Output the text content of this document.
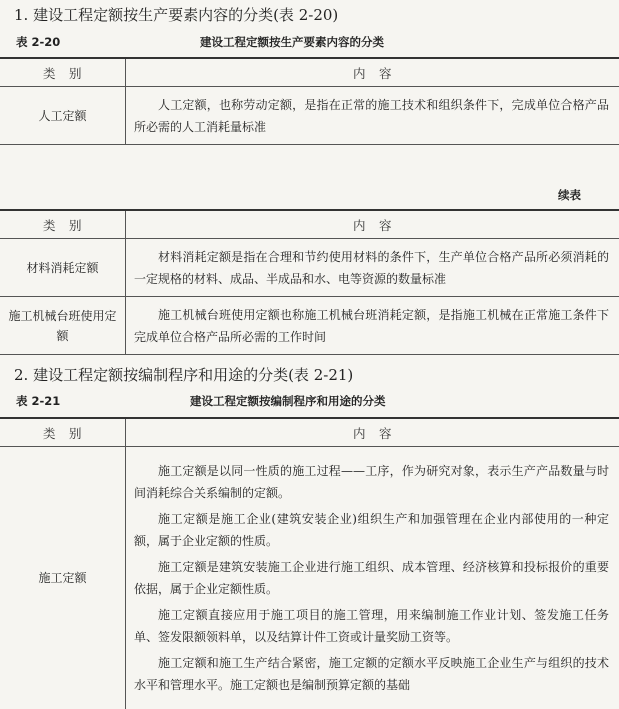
1. 建设工程定额按生产要素内容的分类(表 2-20)
表 2-20	建设工程定额按生产要素内容的分类
类　别	内　容
人工定额	人工定额，也称劳动定额，是指在正常的施工技术和组织条件下，完成单位合格产品所必需的人工消耗量标准

续表
类　别	内　容
材料消耗定额	材料消耗定额是指在合理和节约使用材料的条件下，生产单位合格产品所必须消耗的一定规格的材料、成品、半成品和水、电等资源的数量标准

施工机械台班使用定额	施工机械台班使用定额也称施工机械台班消耗定额，是指施工机械在正常施工条件下完成单位合格产品所必需的工作时间

2. 建设工程定额按编制程序和用途的分类(表 2-21)
表 2-21	建设工程定额按编制程序和用途的分类
类　别	内　容
施工定额	施工定额是以同一性质的施工过程——工序，作为研究对象，表示生产产品数量与时间消耗综合关系编制的定额。

施工定额是施工企业(建筑安装企业)组织生产和加强管理在企业内部使用的一种定额，属于企业定额的性质。

施工定额是建筑安装施工企业进行施工组织、成本管理、经济核算和投标报价的重要依据，属于企业定额性质。

施工定额直接应用于施工项目的施工管理，用来编制施工作业计划、签发施工任务单、签发限额领料单，以及结算计件工资或计量奖励工资等。

施工定额和施工生产结合紧密，施工定额的定额水平反映施工企业生产与组织的技术水平和管理水平。施工定额也是编制预算定额的基础
